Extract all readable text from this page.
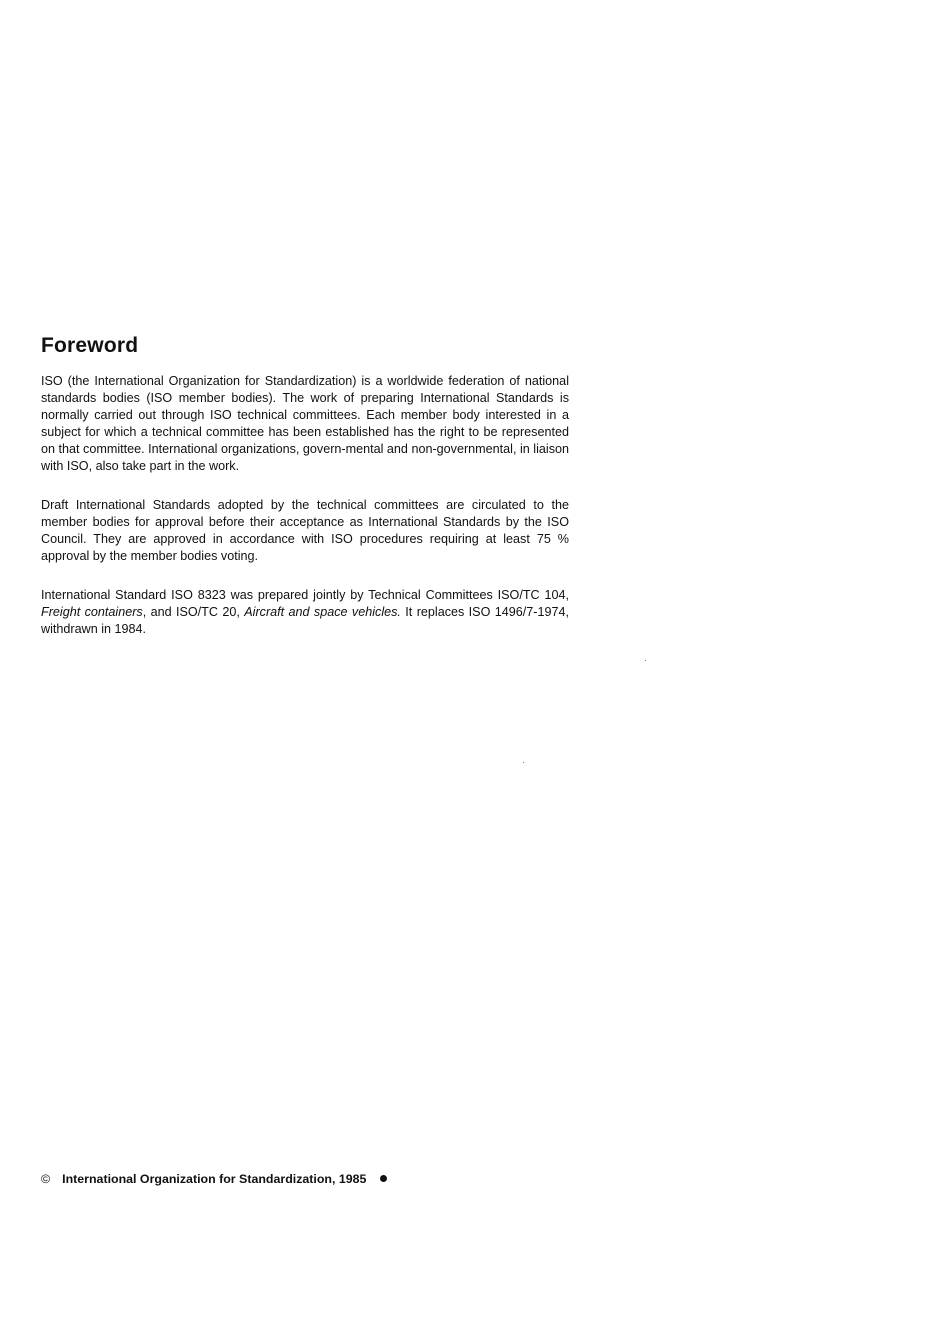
Foreword

ISO (the International Organization for Standardization) is a worldwide federation of national standards bodies (ISO member bodies). The work of preparing International Standards is normally carried out through ISO technical committees. Each member body interested in a subject for which a technical committee has been established has the right to be represented on that committee. International organizations, govern-mental and non-governmental, in liaison with ISO, also take part in the work.

Draft International Standards adopted by the technical committees are circulated to the member bodies for approval before their acceptance as International Standards by the ISO Council. They are approved in accordance with ISO procedures requiring at least 75 % approval by the member bodies voting.

International Standard ISO 8323 was prepared jointly by Technical Committees ISO/TC 104, Freight containers, and ISO/TC 20, Aircraft and space vehicles. It replaces ISO 1496/7-1974, withdrawn in 1984.

© International Organization for Standardization, 1985
